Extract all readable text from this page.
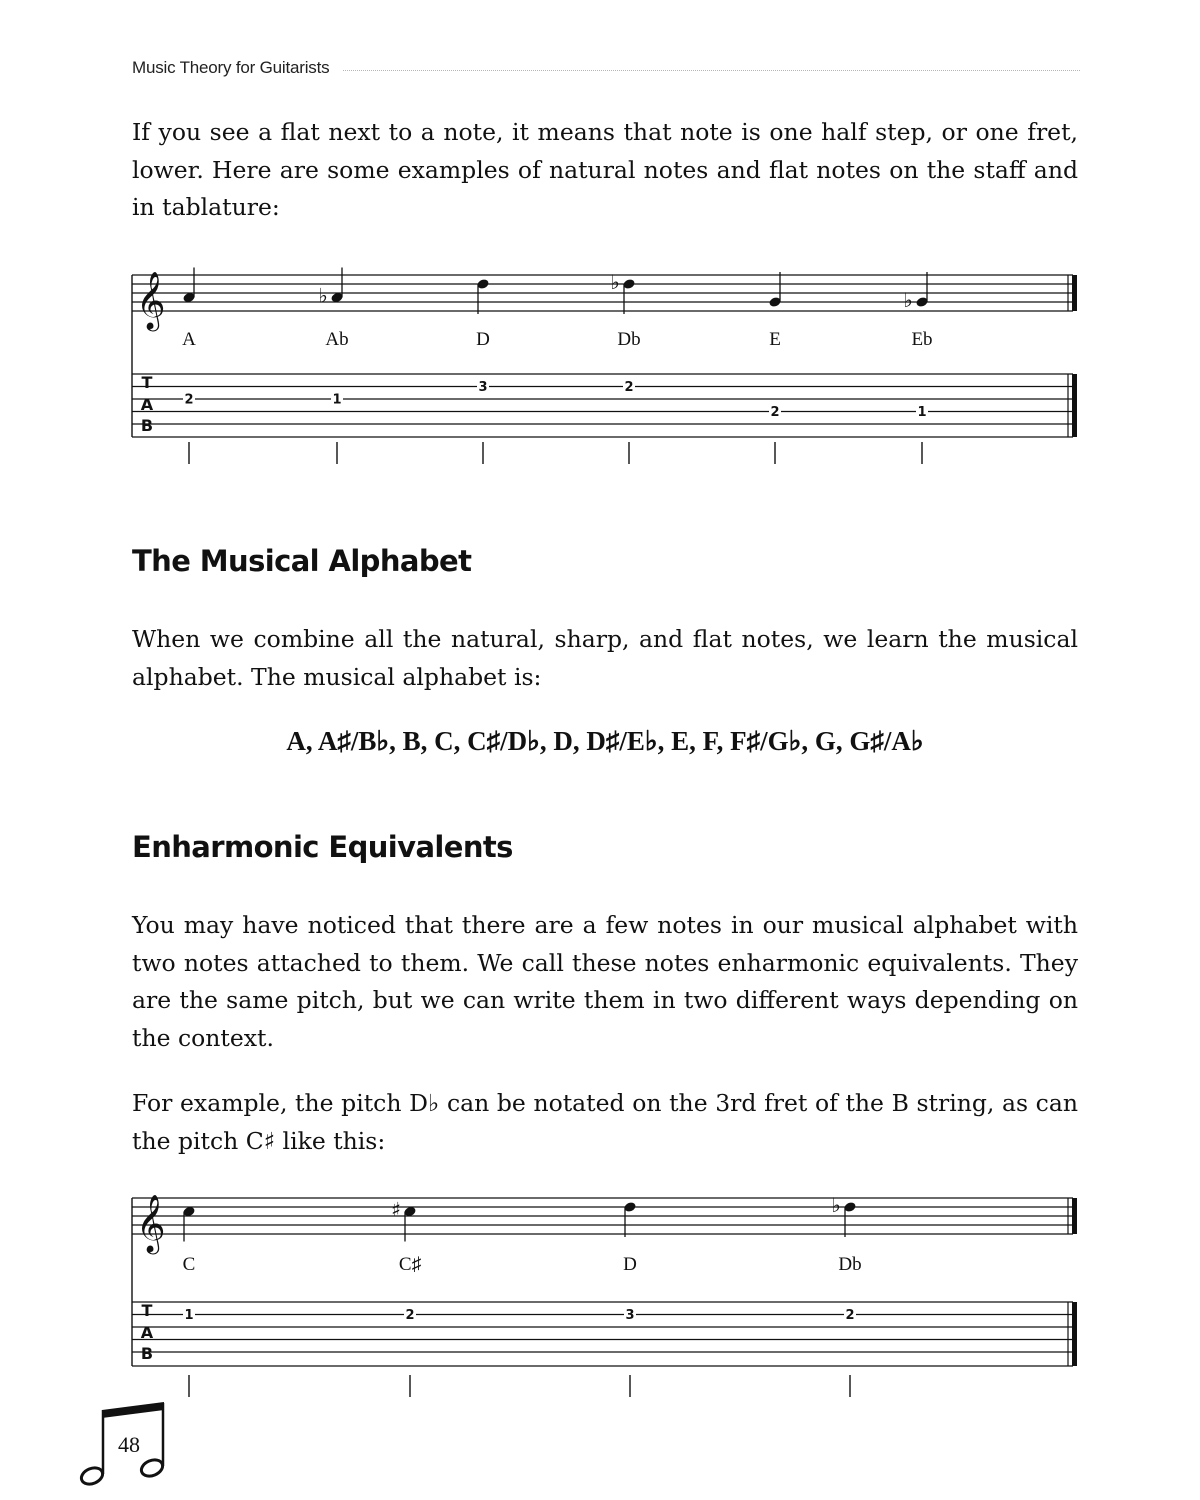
Music Theory for Guitarists

If you see a flat next to a note, it means that note is one half step, or one fret, lower. Here are some examples of natural notes and flat notes on the staff and in tablature:

𝄞
T
A
B
A
2
♭
Ab
1
D
3
♭
Db
2
E
2
♭
Eb
1
The Musical Alphabet

When we combine all the natural, sharp, and flat notes, we learn the musical alphabet. The musical alphabet is:

A, A♯/B♭, B, C, C♯/D♭, D, D♯/E♭, E, F, F♯/G♭, G, G♯/A♭

Enharmonic Equivalents

You may have noticed that there are a few notes in our musical alphabet with two notes attached to them. We call these notes enharmonic equivalents. They are the same pitch, but we can write them in two different ways depending on the context.

For example, the pitch D♭ can be notated on the 3rd fret of the B string, as can the pitch C♯ like this:

𝄞
T
A
B
C
1
♯
C♯
2
D
3
♭
Db
2
48
